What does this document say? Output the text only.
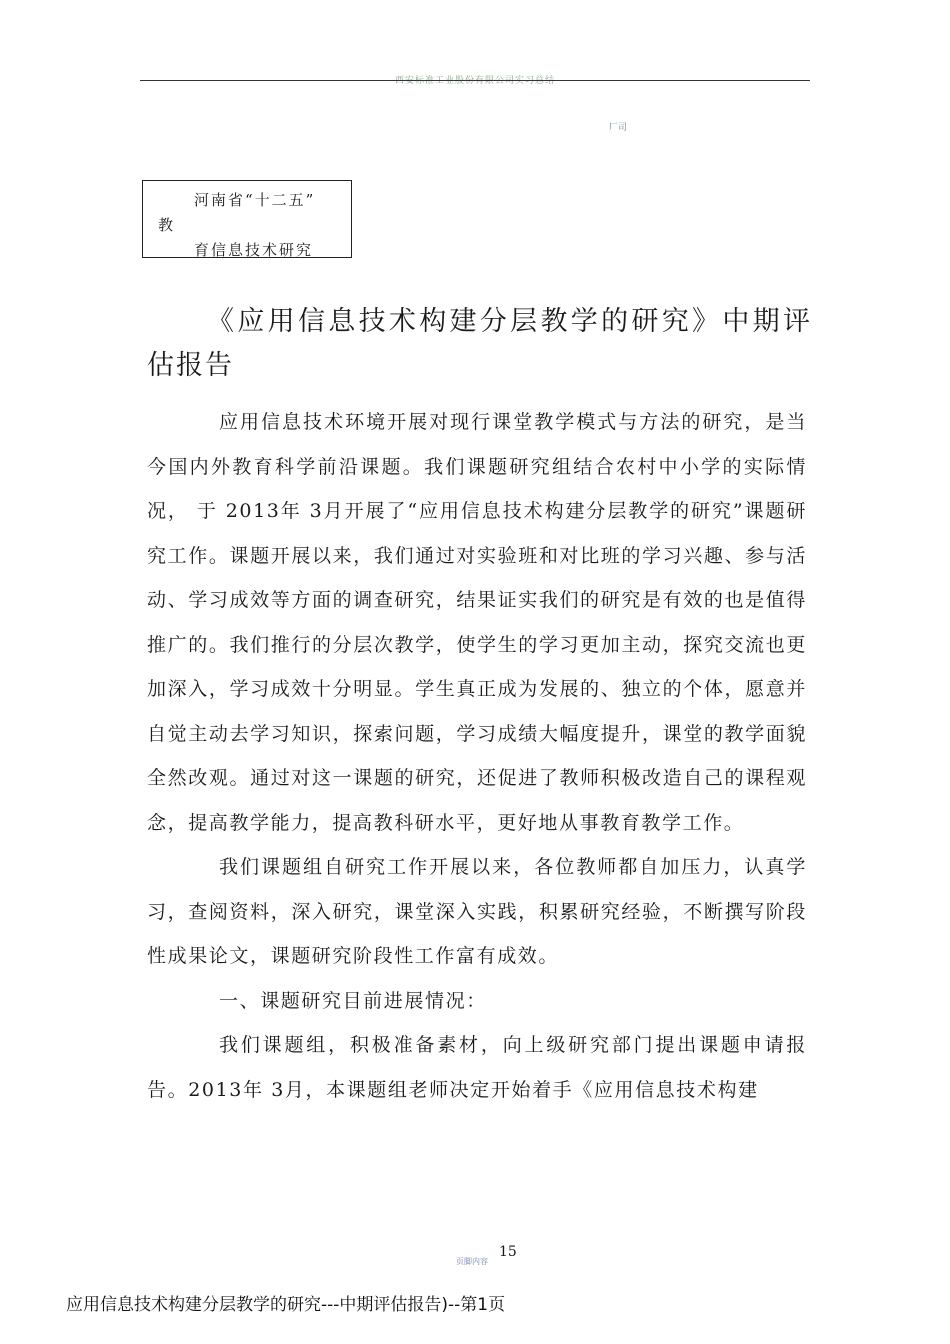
西安标准工业股份有限公司实习总结
厂司
河南省“十二五”
教
育信息技术研究
《应用信息技术构建分层教学的研究》中期评估报告

应用信息技术环境开展对现行课堂教学模式与方法的研究，是当今国内外教育科学前沿课题。我们课题研究组结合农村中小学的实际情况， 于 2013年 3月开展了“应用信息技术构建分层教学的研究”课题研究工作。课题开展以来，我们通过对实验班和对比班的学习兴趣、参与活动、学习成效等方面的调查研究，结果证实我们的研究是有效的也是值得推广的。我们推行的分层次教学，使学生的学习更加主动，探究交流也更加深入，学习成效十分明显。学生真正成为发展的、独立的个体，愿意并自觉主动去学习知识，探索问题，学习成绩大幅度提升，课堂的教学面貌全然改观。通过对这一课题的研究，还促进了教师积极改造自己的课程观念，提高教学能力，提高教科研水平，更好地从事教育教学工作。

我们课题组自研究工作开展以来，各位教师都自加压力，认真学习，查阅资料，深入研究，课堂深入实践，积累研究经验，不断撰写阶段性成果论文，课题研究阶段性工作富有成效。

一、课题研究目前进展情况：

我们课题组，积极准备素材，向上级研究部门提出课题申请报告。2013年 3月，本课题组老师决定开始着手《应用信息技术构建

页脚内容
15
应用信息技术构建分层教学的研究---中期评估报告)--第1页
